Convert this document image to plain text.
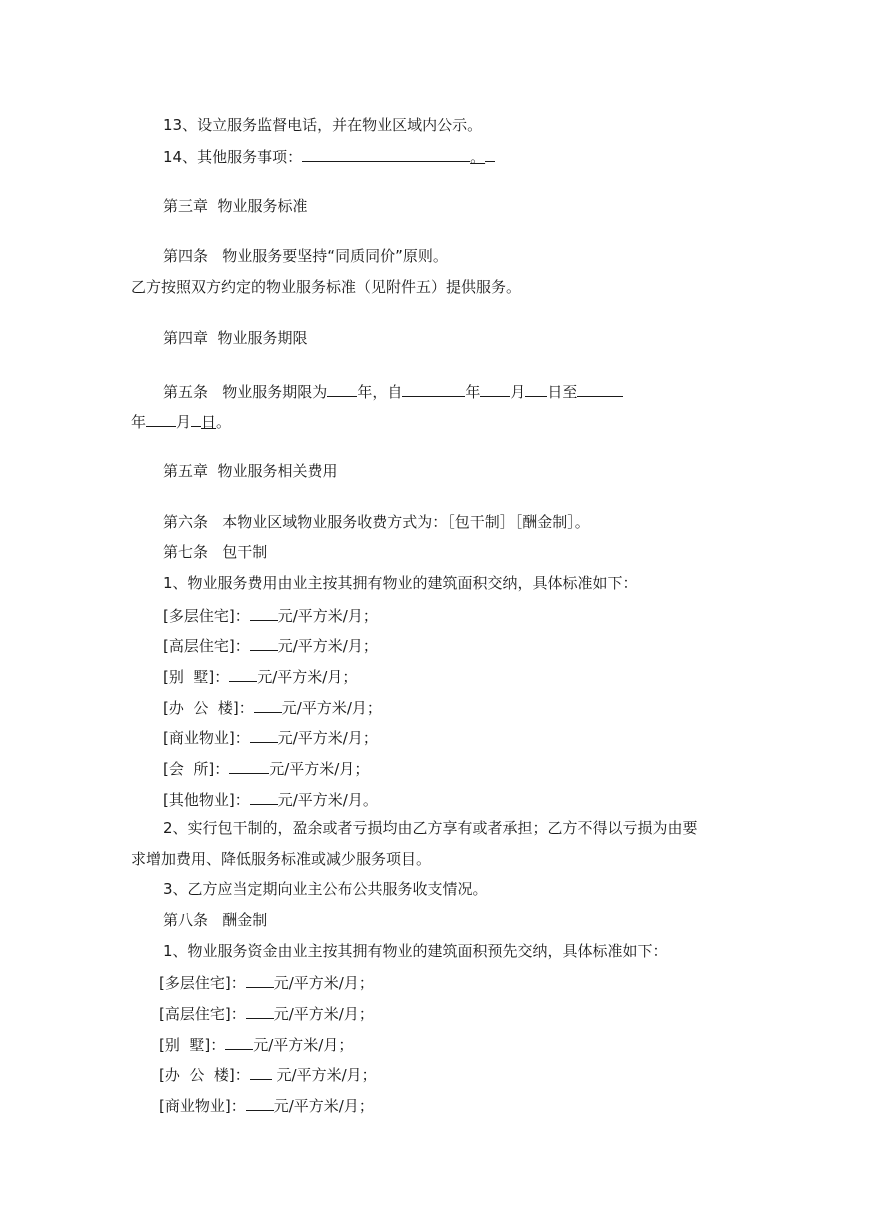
13、设立服务监督电话，并在物业区域内公示。
14、其他服务事项：	。
第三章  物业服务标准
第四条   物业服务要坚持“同质同价”原则。
乙方按照双方约定的物业服务标准（见附件五）提供服务。
第四章  物业服务期限
第五条   物业服务期限为 年，自	年 月 日至
年 月 日。
第五章  物业服务相关费用
第六条   本物业区域物业服务收费方式为：［包干制］［酬金制］。
第七条   包干制
1、物业服务费用由业主按其拥有物业的建筑面积交纳，具体标准如下：
[多层住宅]： 元/平方米/月；
[高层住宅]： 元/平方米/月；
[别  墅]： 元/平方米/月；
[办  公  楼]： 元/平方米/月；
[商业物业]： 元/平方米/月；
[会  所]：	元/平方米/月；
[其他物业]： 元/平方米/月。
2、实行包干制的，盈余或者亏损均由乙方享有或者承担；乙方不得以亏损为由要
求增加费用、降低服务标准或减少服务项目。
3、乙方应当定期向业主公布公共服务收支情况。
第八条   酬金制
1、物业服务资金由业主按其拥有物业的建筑面积预先交纳，具体标准如下：
[多层住宅]： 元/平方米/月；
[高层住宅]： 元/平方米/月；
[别  墅]： 元/平方米/月；
[办  公  楼]： 元/平方米/月；
[商业物业]： 元/平方米/月；
